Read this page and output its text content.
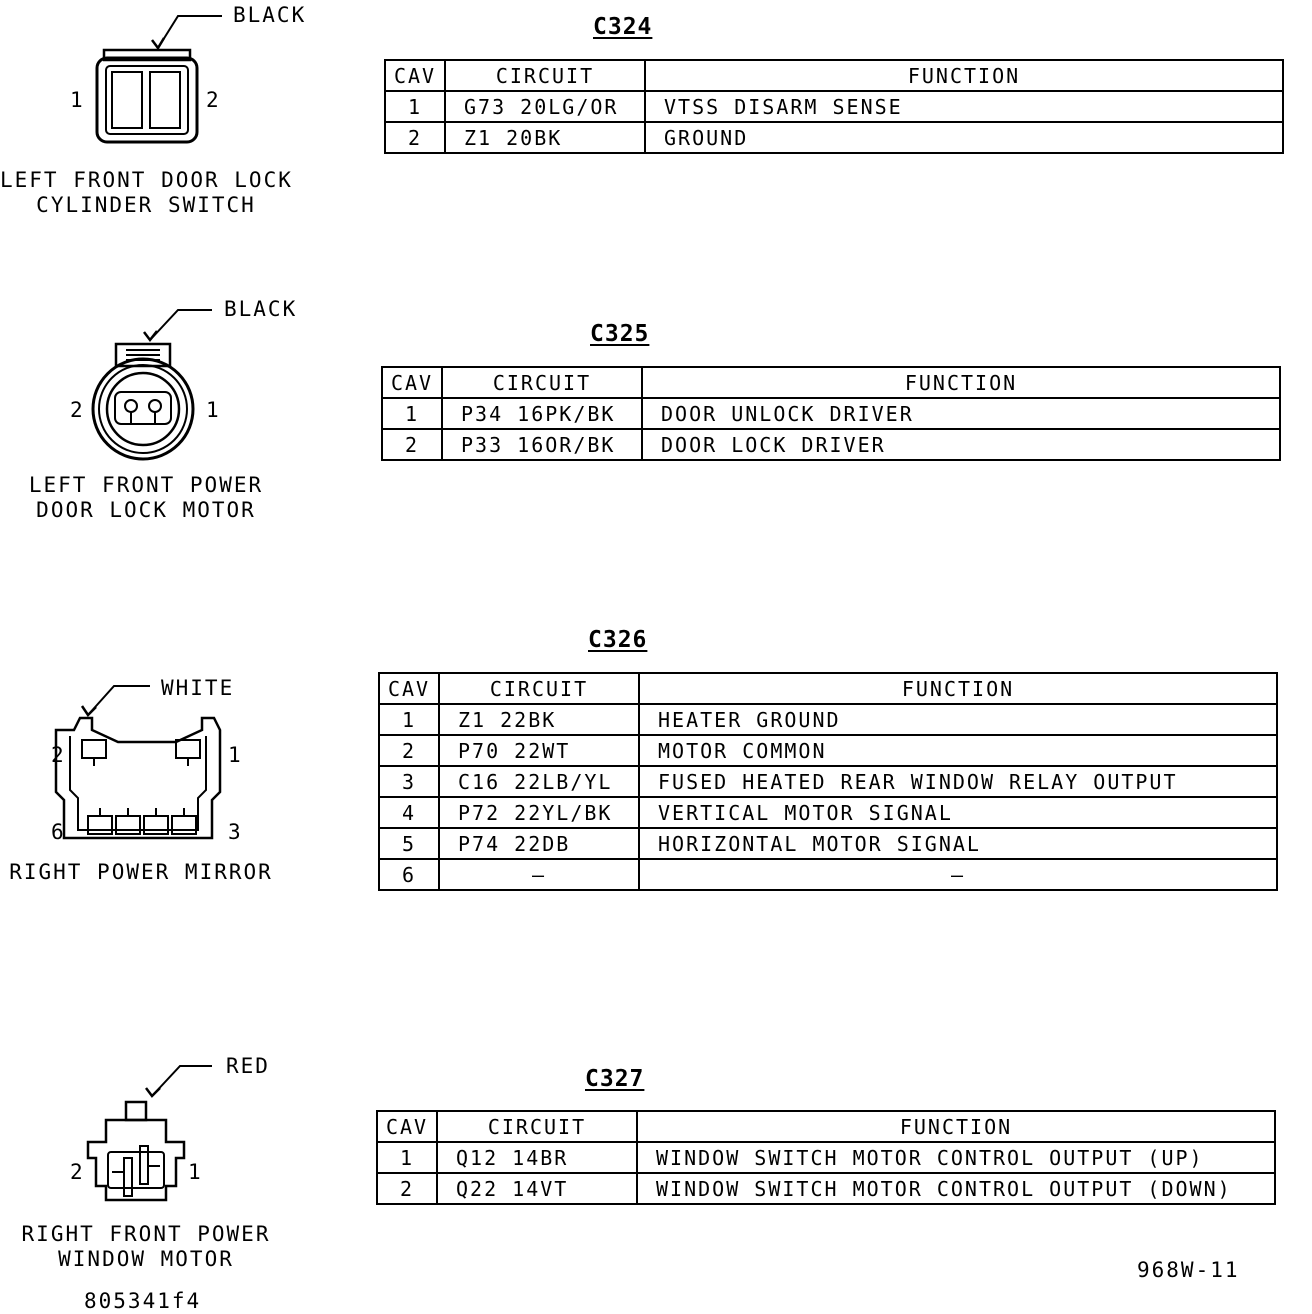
BLACK
1	2
LEFT FRONT DOOR LOCK
CYLINDER SWITCH
BLACK
2	1
LEFT FRONT POWER
DOOR LOCK MOTOR
WHITE
2	1
6	3
RIGHT POWER MIRROR
RED
2	1
RIGHT FRONT POWER
WINDOW MOTOR
C324
C325
C326
C327
CAV	CIRCUIT	FUNCTION
1	G73 20LG/OR	VTSS DISARM SENSE
2	Z1 20BK	GROUND
CAV	CIRCUIT	FUNCTION
1	P34 16PK/BK	DOOR UNLOCK DRIVER
2	P33 16OR/BK	DOOR LOCK DRIVER
CAV	CIRCUIT	FUNCTION
1	Z1 22BK	HEATER GROUND
2	P70 22WT	MOTOR COMMON
3	C16 22LB/YL	FUSED HEATED REAR WINDOW RELAY OUTPUT
4	P72 22YL/BK	VERTICAL MOTOR SIGNAL
5	P74 22DB	HORIZONTAL MOTOR SIGNAL
6	–	–
CAV	CIRCUIT	FUNCTION
1	Q12 14BR	WINDOW SWITCH MOTOR CONTROL OUTPUT (UP)
2	Q22 14VT	WINDOW SWITCH MOTOR CONTROL OUTPUT (DOWN)
968W-11
805341f4
